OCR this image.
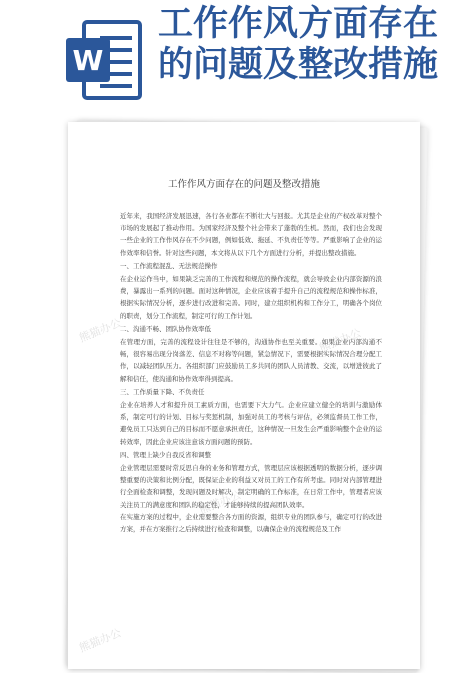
工作作风方面存在
的问题及整改措施
W
工作作风方面存在的问题及整改措施

近年来，我国经济发展迅速，各行各业都在不断壮大与回报。尤其是企业的产权改革对整个市场的发展起了推动作用。为国家经济及整个社会带来了蓬勃的生机。然而，我们也会发现一些企业的工作作风存在不少问题，例如低效、拖延、不负责任等等。严重影响了企业的运作效率和信誉。针对这些问题，本文将从以下几个方面进行分析，并提出整改措施。

一、工作流程混乱、无法规范操作

在企业运作当中，如果缺乏完善的工作流程和规范的操作流程，就会导致企业内部资源的浪费，暴露出一系列的问题。面对这种情况，企业应该着手提升自己的流程规范和操作标准，根据实际情况分析，逐步进行改进和完善。同时，建立组织机构和工作分工，明确各个岗位的职责，划分工作流程，制定可行的工作计划。

二、沟通不畅、团队协作效率低

在管理方面，完善的流程设计往往是不够的，沟通协作也至关重要。如果企业内部沟通不畅，很容易出现分岗落差、信息不对称等问题，紧急情况下，需要根据实际情况合理分配工作，以减轻团队压力。各组织部门应鼓励员工多共同的团队人员清教、交流，以增进彼此了解和信任，使沟通和协作效率得到提高。

三、工作质量下降、不负责任

企业在培养人才和提升员工素质方面，也需要下大力气。企业应建立健全的培训与激励体系，制定可行的计划、目标与奖惩机制，加强对员工的考核与评估，必须监督员工作工作，避免员工只达到自己的目标而不愿意承担责任，这种情况一旦发生会严重影响整个企业的运转效率，因此企业应该注意该方面问题的预防。

四、管理上缺少自我反省和调整

企业管理层需要时常反思自身的业务和管理方式，管理层应该根据透明的数据分析，逐步调整重要的决策和比例分配，既保证企业的利益又对员工的工作有所考虑。同时对内部管理进行全面检查和调整，发现问题及时解决，制定明确的工作标准，在日常工作中，管理者应该关注员工的满意度和团队的稳定性，才能够持续的提高团队效率。

在实施方案的过程中，企业需要整合各方面的资源，组织专业的团队参与，确定可行的改进方案，并在方案推行之后持续进行检查和调整，以确保企业的流程规范及工作

熊猫办公	熊猫办公
熊猫办公
熊猫办公
